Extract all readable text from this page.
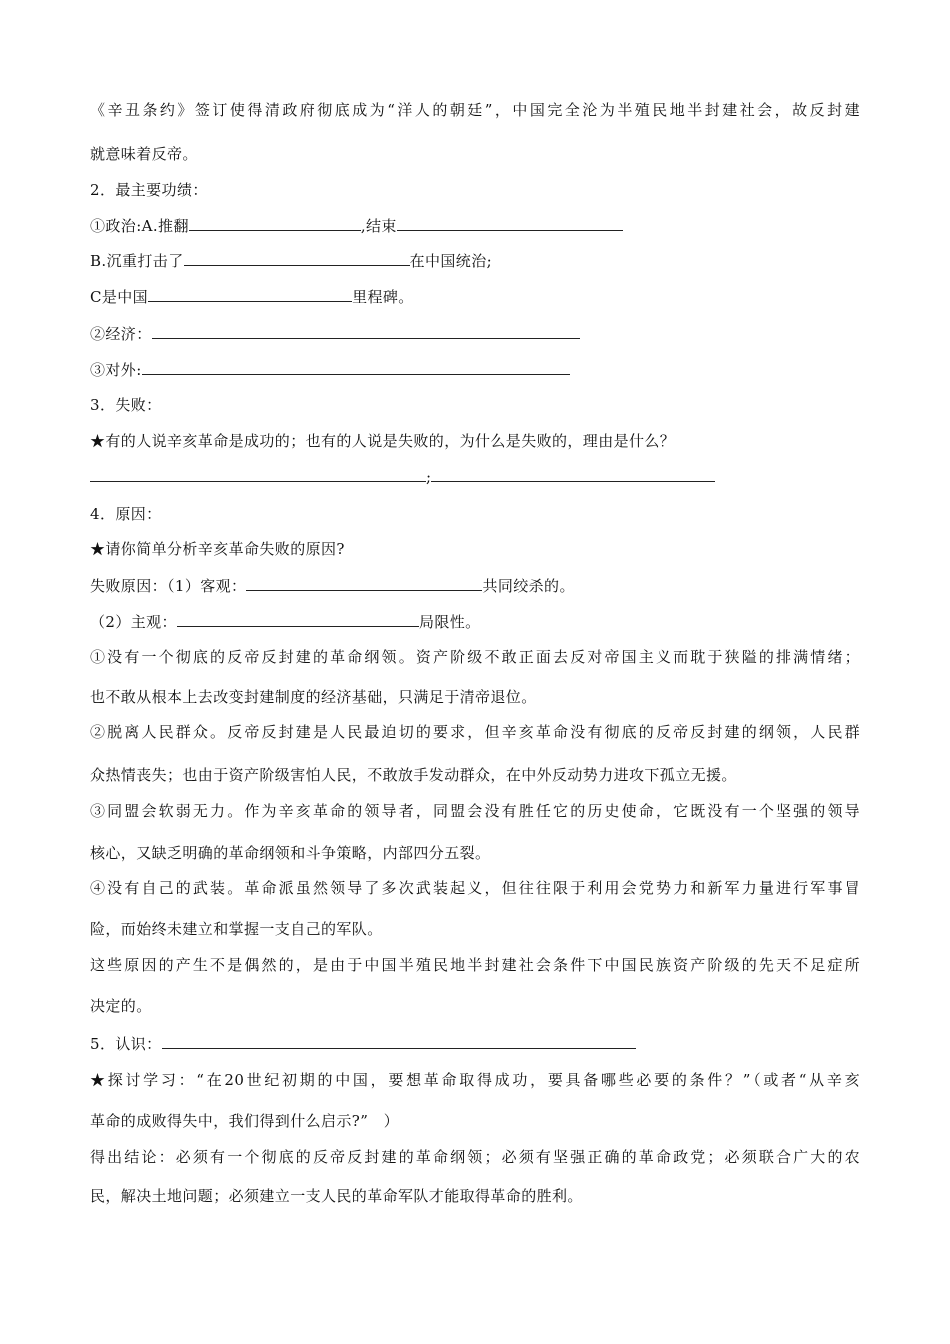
《辛丑条约》签订使得清政府彻底成为“洋人的朝廷”，中国完全沦为半殖民地半封建社会，故反封建
就意味着反帝。
2．最主要功绩：
①政治:A.推翻	,结束
B.沉重打击了	在中国统治;
C是中国	里程碑。
②经济：
③对外:
3．失败：
★有的人说辛亥革命是成功的；也有的人说是失败的，为什么是失败的，理由是什么？
;
4．原因：
★请你简单分析辛亥革命失败的原因?
失败原因：（1）客观：	共同绞杀的。
（2）主观：	局限性。
①没有一个彻底的反帝反封建的革命纲领。资产阶级不敢正面去反对帝国主义而耽于狭隘的排满情绪；
也不敢从根本上去改变封建制度的经济基础，只满足于清帝退位。
②脱离人民群众。反帝反封建是人民最迫切的要求，但辛亥革命没有彻底的反帝反封建的纲领，人民群
众热情丧失；也由于资产阶级害怕人民，不敢放手发动群众，在中外反动势力进攻下孤立无援。
③同盟会软弱无力。作为辛亥革命的领导者，同盟会没有胜任它的历史使命，它既没有一个坚强的领导
核心，又缺乏明确的革命纲领和斗争策略，内部四分五裂。
④没有自己的武装。革命派虽然领导了多次武装起义，但往往限于利用会党势力和新军力量进行军事冒
险，而始终未建立和掌握一支自己的军队。
这些原因的产生不是偶然的，是由于中国半殖民地半封建社会条件下中国民族资产阶级的先天不足症所
决定的。
5．认识：
★探讨学习：“在20世纪初期的中国，要想革命取得成功，要具备哪些必要的条件？”（或者“从辛亥
革命的成败得失中，我们得到什么启示?”　）
得出结论：必须有一个彻底的反帝反封建的革命纲领；必须有坚强正确的革命政党；必须联合广大的农
民，解决土地问题；必须建立一支人民的革命军队才能取得革命的胜利。
